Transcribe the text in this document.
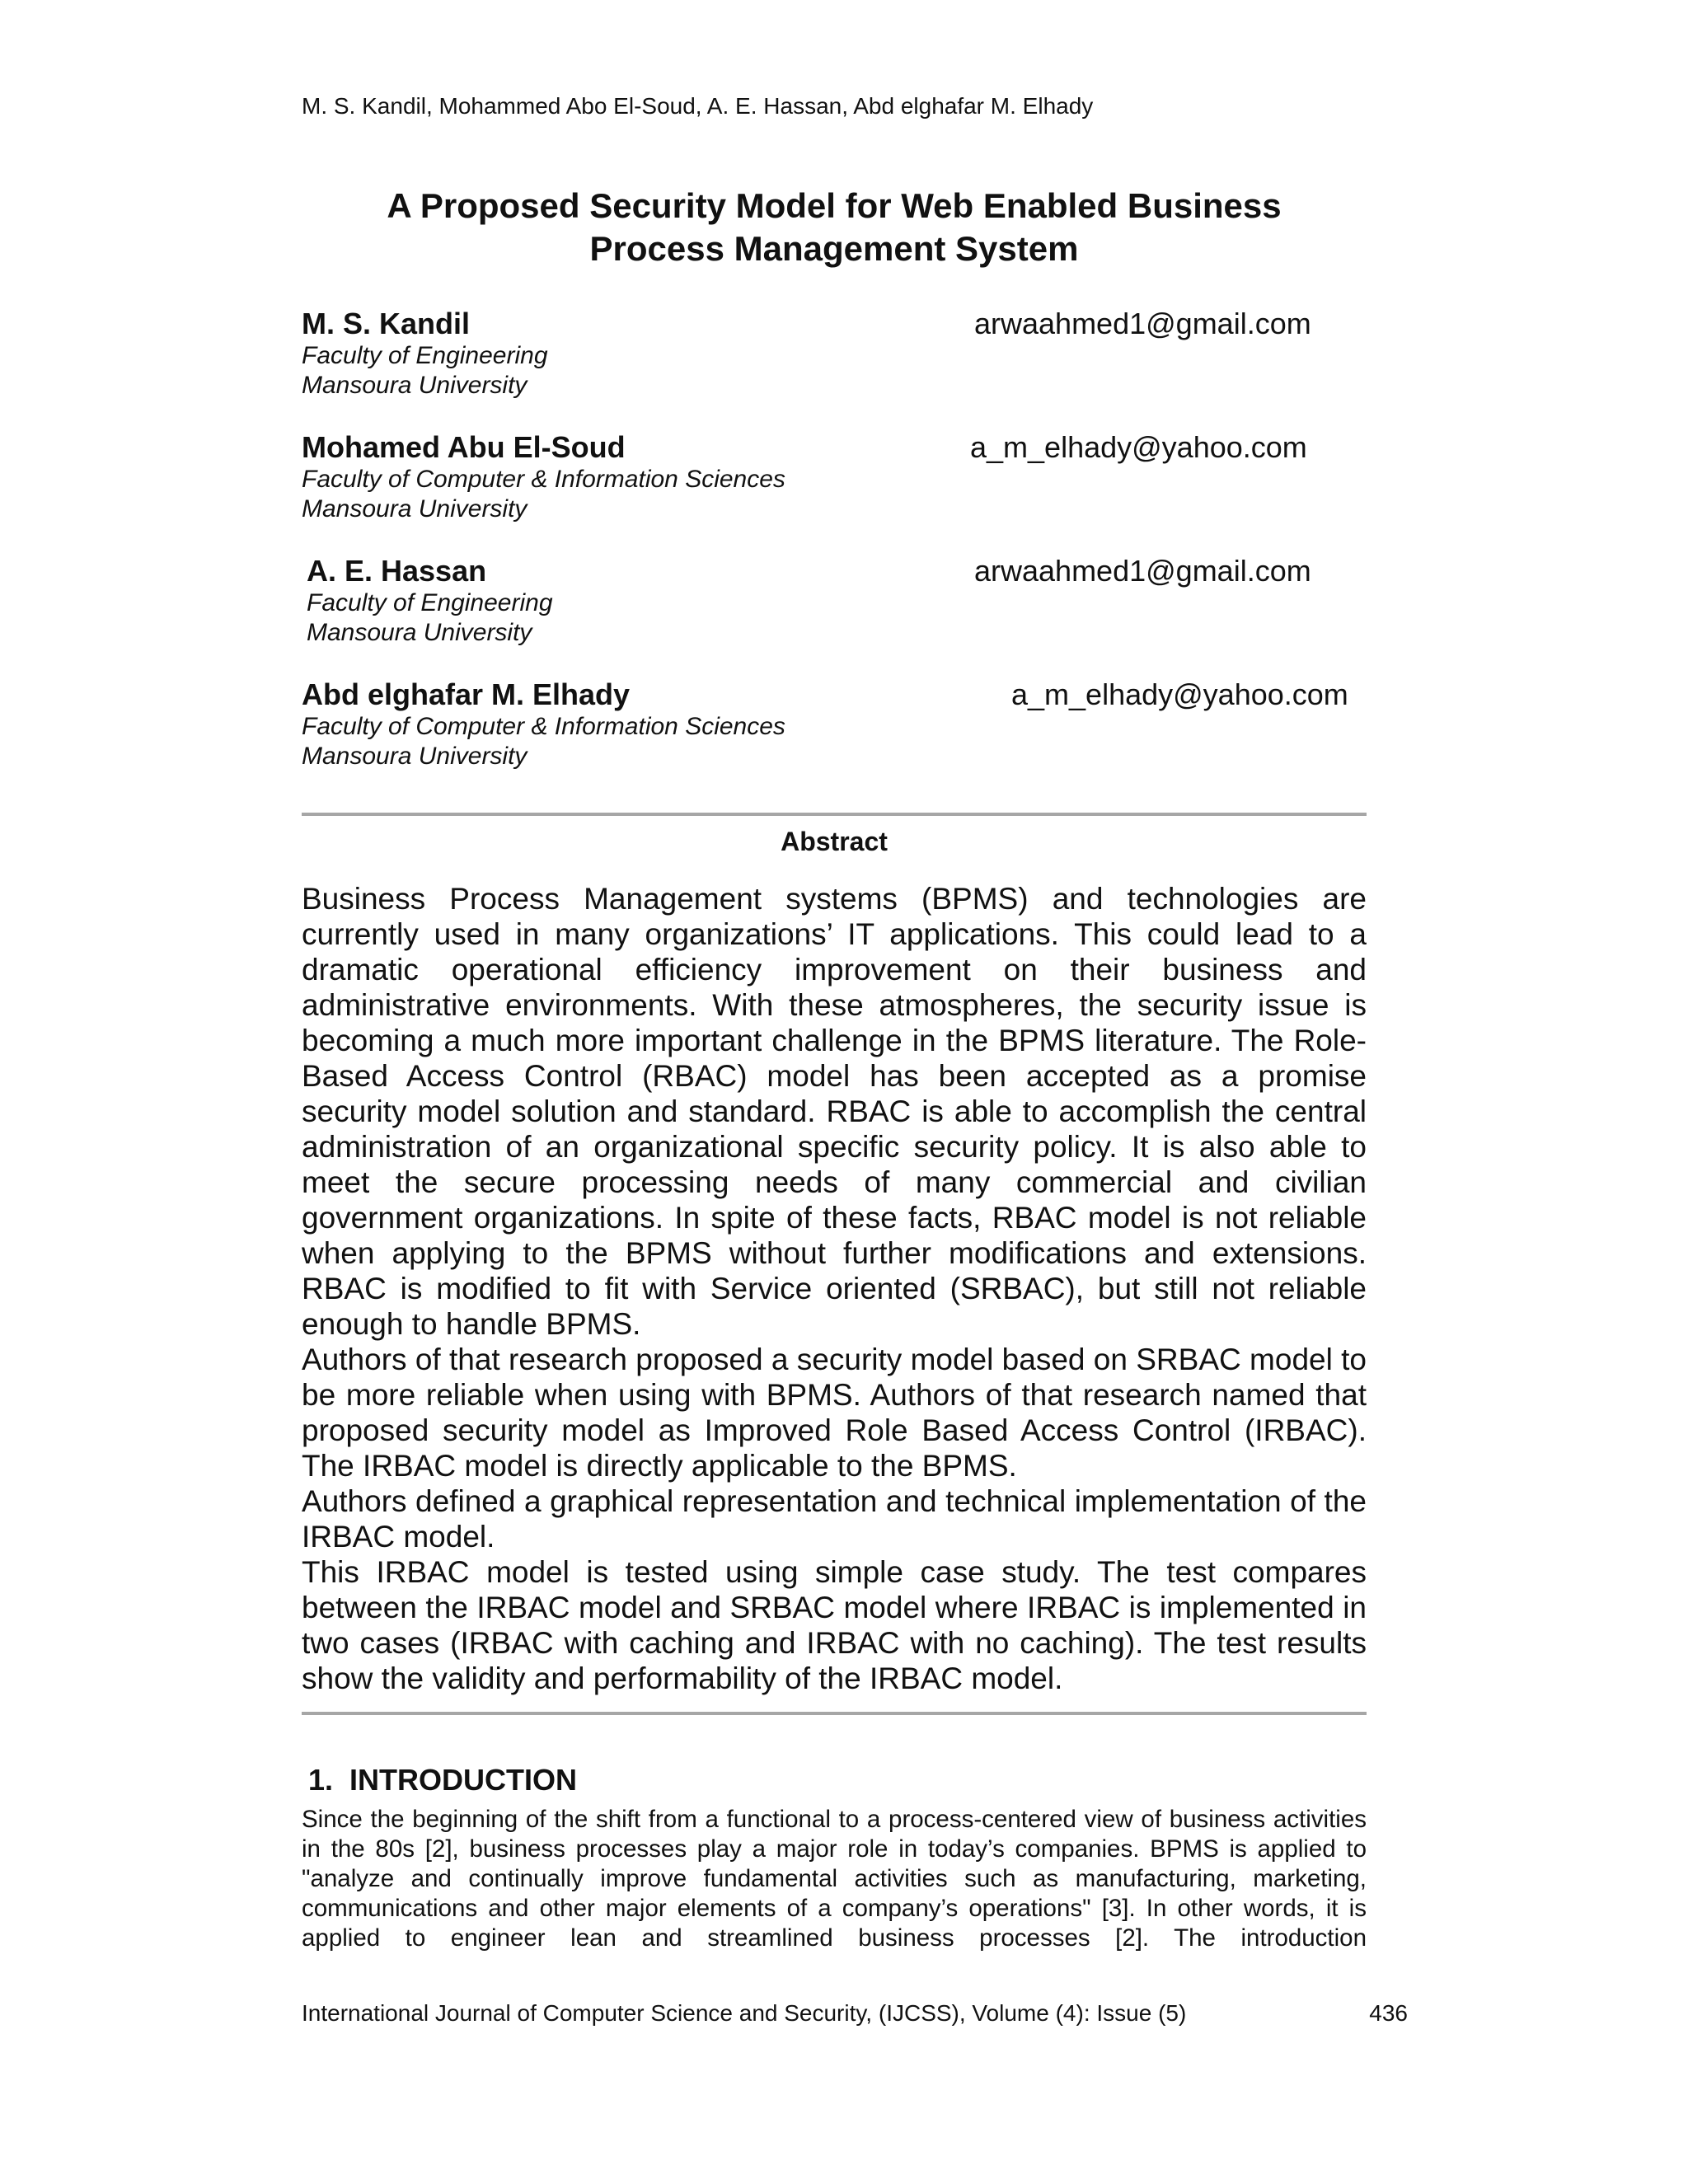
M. S. Kandil, Mohammed Abo El-Soud, A. E. Hassan, Abd elghafar M. Elhady
A Proposed Security Model for Web Enabled Business
Process Management System
M. S. Kandil
Faculty of Engineering
Mansoura University
arwaahmed1@gmail.com
Mohamed Abu El-Soud
Faculty of Computer & Information Sciences
Mansoura University
a_m_elhady@yahoo.com
A. E. Hassan
Faculty of Engineering
Mansoura University
arwaahmed1@gmail.com
Abd elghafar M. Elhady
Faculty of Computer & Information Sciences
Mansoura University
a_m_elhady@yahoo.com
Abstract

Business Process Management systems (BPMS) and technologies are currently used in many organizations’ IT applications. This could lead to a dramatic operational efficiency improvement on their business and administrative environments. With these atmospheres, the security issue is becoming a much more important challenge in the BPMS literature. The Role-Based Access Control (RBAC) model has been accepted as a promise security model solution and standard. RBAC is able to accomplish the central administration of an organizational specific security policy. It is also able to meet the secure processing needs of many commercial and civilian government organizations. In spite of these facts, RBAC model is not reliable when applying to the BPMS without further modifications and extensions. RBAC is modified to fit with Service oriented (SRBAC), but still not reliable enough to handle BPMS.

Authors of that research proposed a security model based on SRBAC model to be more reliable when using with BPMS. Authors of that research named that proposed security model as Improved Role Based Access Control (IRBAC). The IRBAC model is directly applicable to the BPMS.

Authors defined a graphical representation and technical implementation of the IRBAC model.

This IRBAC model is tested using simple case study. The test compares between the IRBAC model and SRBAC model where IRBAC is implemented in two cases (IRBAC with caching and IRBAC with no caching). The test results show the validity and performability of the IRBAC model.

1. INTRODUCTION

Since the beginning of the shift from a functional to a process-centered view of business activities in the 80s [2], business processes play a major role in today’s companies. BPMS is applied to "analyze and continually improve fundamental activities such as manufacturing, marketing, communications and other major elements of a company’s operations" [3]. In other words, it is applied to engineer lean and streamlined business processes [2]. The introduction

International Journal of Computer Science and Security, (IJCSS), Volume (4): Issue (5)	436
